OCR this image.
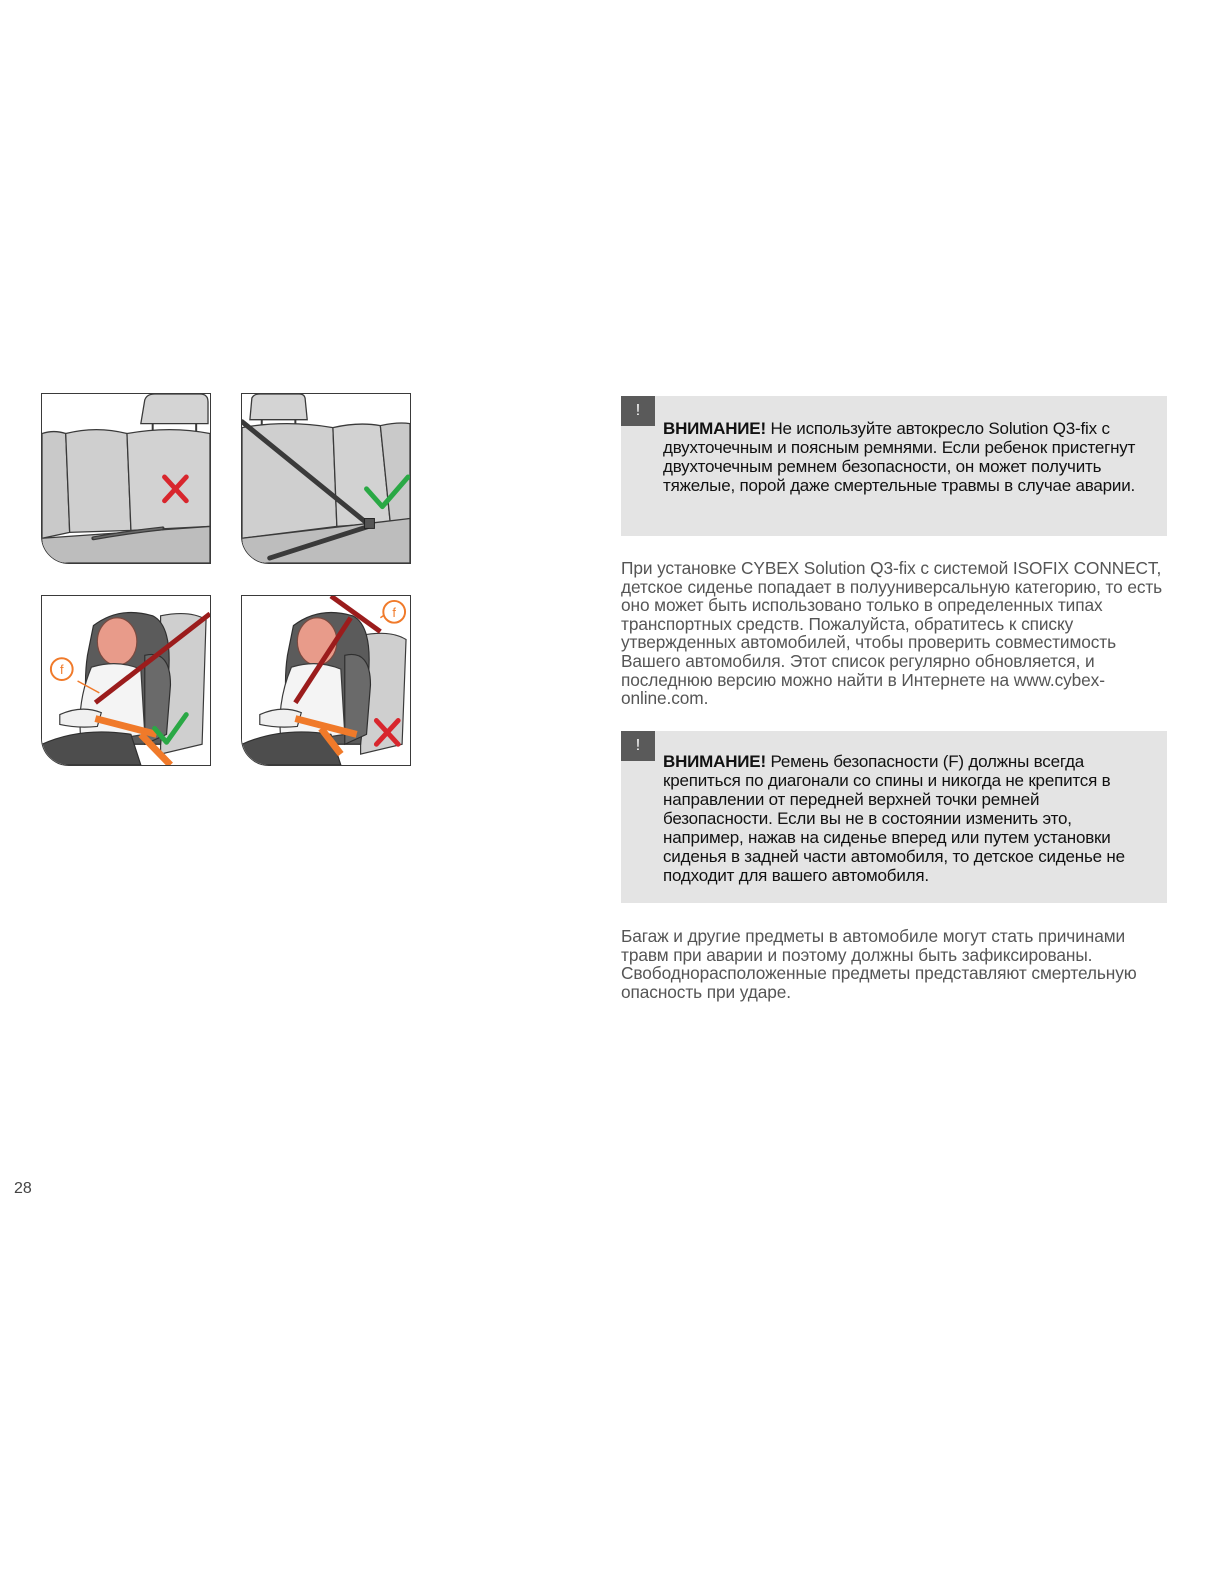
f
f
!
ВНИМАНИЕ! Не используйте автокресло Solution Q3-fix с двухточечным и поясным ремнями. Если ребенок пристегнут двухточечным ремнем безопасности, он может получить тяжелые, порой даже смертельные травмы в случае аварии.
При установке CYBEX Solution Q3-fix с системой ISOFIX CONNECT, детское сиденье попадает в полууниверсальную категорию, то есть оно может быть использовано только в определенных типах транспортных средств. Пожалуйста, обратитесь к списку утвержденных автомобилей, чтобы проверить совместимость Вашего автомобиля. Этот список регулярно обновляется, и последнюю версию можно найти в Интернете на www.cybex-online.com.
!
ВНИМАНИЕ! Ремень безопасности (F) должны всегда крепиться по диагонали со спины и никогда не крепится в направлении от передней верхней точки ремней безопасности. Если вы не в состоянии изменить это, например, нажав на сиденье вперед или путем установки сиденья в задней части автомобиля, то детское сиденье не подходит для вашего автомобиля.
Багаж и другие предметы в автомобиле могут стать причинами травм при аварии и поэтому должны быть зафиксированы. Свободнорасположенные предметы представляют смертельную опасность при ударе.
28
